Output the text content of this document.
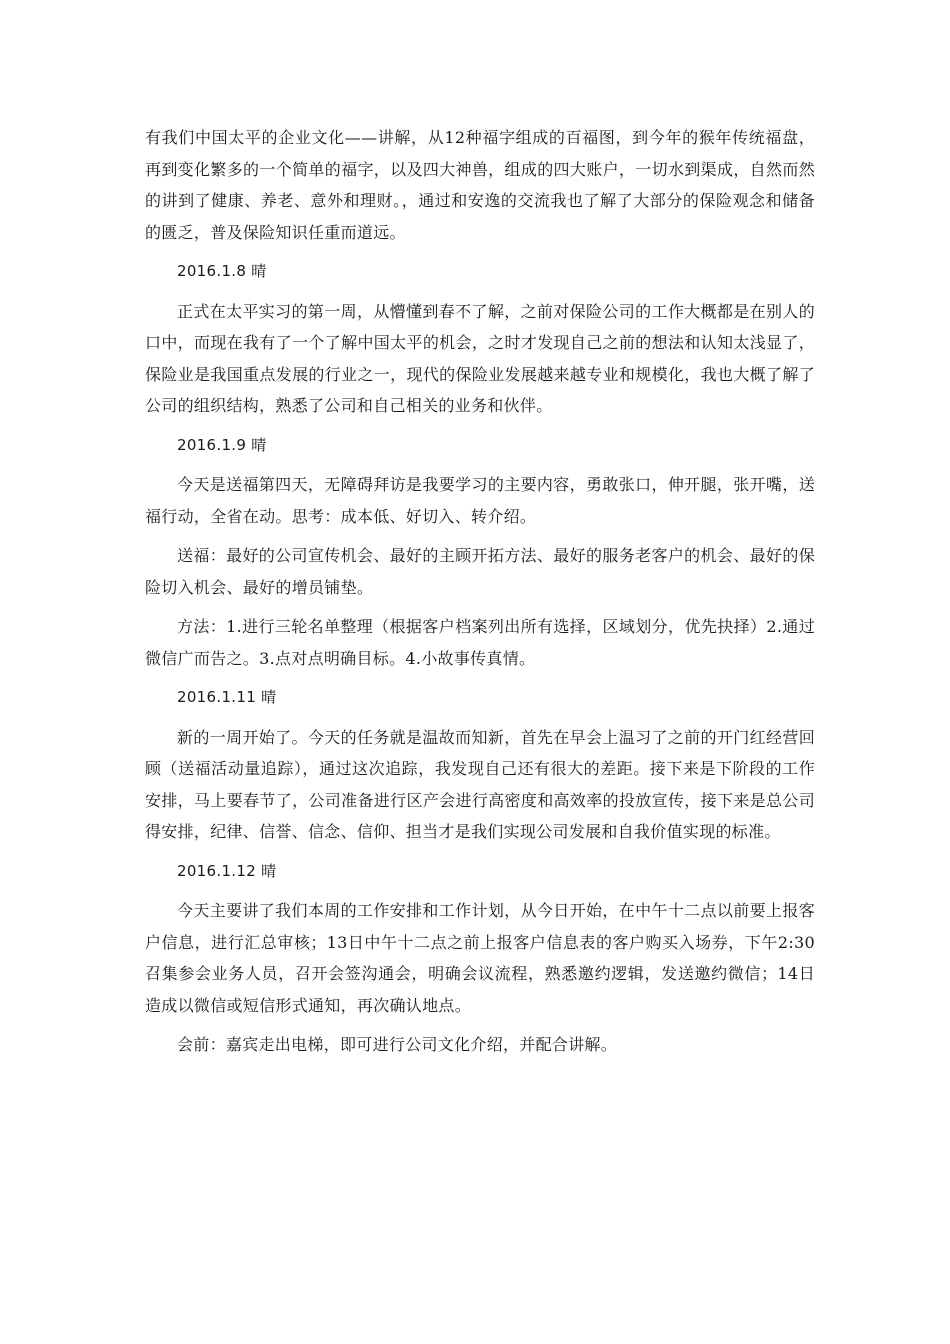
有我们中国太平的企业文化——讲解，从12种福字组成的百福图，到今年的猴年传统福盘，再到变化繁多的一个简单的福字，以及四大神兽，组成的四大账户，一切水到渠成，自然而然的讲到了健康、养老、意外和理财。，通过和安逸的交流我也了解了大部分的保险观念和储备的匮乏，普及保险知识任重而道远。

2016.1.8 晴

正式在太平实习的第一周，从懵懂到春不了解，之前对保险公司的工作大概都是在别人的口中，而现在我有了一个了解中国太平的机会，之时才发现自己之前的想法和认知太浅显了，保险业是我国重点发展的行业之一，现代的保险业发展越来越专业和规模化，我也大概了解了公司的组织结构，熟悉了公司和自己相关的业务和伙伴。

2016.1.9 晴

今天是送福第四天，无障碍拜访是我要学习的主要内容，勇敢张口，伸开腿，张开嘴，送福行动，全省在动。思考：成本低、好切入、转介绍。

送福：最好的公司宣传机会、最好的主顾开拓方法、最好的服务老客户的机会、最好的保险切入机会、最好的增员铺垫。

方法：1.进行三轮名单整理（根据客户档案列出所有选择，区域划分，优先抉择）2.通过微信广而告之。3.点对点明确目标。4.小故事传真情。

2016.1.11 晴

新的一周开始了。今天的任务就是温故而知新，首先在早会上温习了之前的开门红经营回顾（送福活动量追踪），通过这次追踪，我发现自己还有很大的差距。接下来是下阶段的工作安排，马上要春节了，公司准备进行区产会进行高密度和高效率的投放宣传，接下来是总公司得安排，纪律、信誉、信念、信仰、担当才是我们实现公司发展和自我价值实现的标准。

2016.1.12 晴

今天主要讲了我们本周的工作安排和工作计划，从今日开始，在中午十二点以前要上报客户信息，进行汇总审核；13日中午十二点之前上报客户信息表的客户购买入场券，下午2:30召集参会业务人员，召开会签沟通会，明确会议流程，熟悉邀约逻辑，发送邀约微信；14日造成以微信或短信形式通知，再次确认地点。

会前：嘉宾走出电梯，即可进行公司文化介绍，并配合讲解。
